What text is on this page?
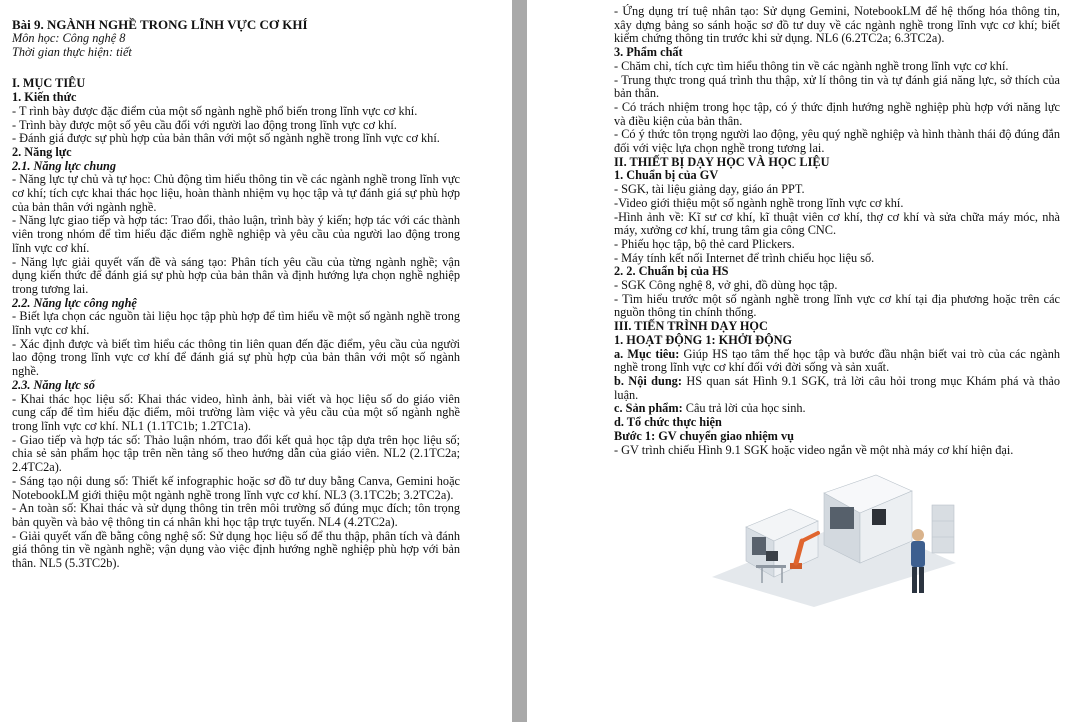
Bài 9. NGÀNH NGHỀ TRONG LĨNH VỰC CƠ KHÍ

Môn học: Công nghệ 8

Thời gian thực hiện: tiết

I. MỤC TIÊU

1. Kiến thức

- T rình bày được đặc điểm của một số ngành nghề phổ biến trong lĩnh vực cơ khí.

- Trình bày được một số yêu cầu đối với người lao động trong lĩnh vực cơ khí.

- Đánh giá được sự phù hợp của bản thân với một số ngành nghề trong lĩnh vực cơ khí.

2. Năng lực

2.1. Năng lực chung

- Năng lực tự chủ và tự học: Chủ động tìm hiểu thông tin về các ngành nghề trong lĩnh vực cơ khí; tích cực khai thác học liệu, hoàn thành nhiệm vụ học tập và tự đánh giá sự phù hợp của bản thân với ngành nghề.

- Năng lực giao tiếp và hợp tác: Trao đổi, thảo luận, trình bày ý kiến; hợp tác với các thành viên trong nhóm để tìm hiểu đặc điểm nghề nghiệp và yêu cầu của người lao động trong lĩnh vực cơ khí.

- Năng lực giải quyết vấn đề và sáng tạo: Phân tích yêu cầu của từng ngành nghề; vận dụng kiến thức để đánh giá sự phù hợp của bản thân và định hướng lựa chọn nghề nghiệp trong tương lai.

2.2. Năng lực công nghệ

- Biết lựa chọn các nguồn tài liệu học tập phù hợp để tìm hiểu về một số ngành nghề trong lĩnh vực cơ khí.

- Xác định được và biết tìm hiểu các thông tin liên quan đến đặc điểm, yêu cầu của người lao động trong lĩnh vực cơ khí để đánh giá sự phù hợp của bản thân với một số ngành nghề.

2.3. Năng lực số

- Khai thác học liệu số: Khai thác video, hình ảnh, bài viết và học liệu số do giáo viên cung cấp để tìm hiểu đặc điểm, môi trường làm việc và yêu cầu của một số ngành nghề trong lĩnh vực cơ khí. NL1 (1.1TC1b; 1.2TC1a).

- Giao tiếp và hợp tác số: Thảo luận nhóm, trao đổi kết quả học tập dựa trên học liệu số; chia sẻ sản phẩm học tập trên nền tảng số theo hướng dẫn của giáo viên. NL2 (2.1TC2a; 2.4TC2a).

- Sáng tạo nội dung số: Thiết kế infographic hoặc sơ đồ tư duy bằng Canva, Gemini hoặc NotebookLM giới thiệu một ngành nghề trong lĩnh vực cơ khí. NL3 (3.1TC2b; 3.2TC2a).

- An toàn số: Khai thác và sử dụng thông tin trên môi trường số đúng mục đích; tôn trọng bản quyền và bảo vệ thông tin cá nhân khi học tập trực tuyến. NL4 (4.2TC2a).

- Giải quyết vấn đề bằng công nghệ số: Sử dụng học liệu số để thu thập, phân tích và đánh giá thông tin về ngành nghề; vận dụng vào việc định hướng nghề nghiệp phù hợp với bản thân. NL5 (5.3TC2b).

- Ứng dụng trí tuệ nhân tạo: Sử dụng Gemini, NotebookLM để hệ thống hóa thông tin, xây dựng bảng so sánh hoặc sơ đồ tư duy về các ngành nghề trong lĩnh vực cơ khí; biết kiểm chứng thông tin trước khi sử dụng. NL6 (6.2TC2a; 6.3TC2a).

3. Phẩm chất

- Chăm chỉ, tích cực tìm hiểu thông tin về các ngành nghề trong lĩnh vực cơ khí.

- Trung thực trong quá trình thu thập, xử lí thông tin và tự đánh giá năng lực, sở thích của bản thân.

- Có trách nhiệm trong học tập, có ý thức định hướng nghề nghiệp phù hợp với năng lực và điều kiện của bản thân.

- Có ý thức tôn trọng người lao động, yêu quý nghề nghiệp và hình thành thái độ đúng đắn đối với việc lựa chọn nghề trong tương lai.

II. THIẾT BỊ DẠY HỌC VÀ HỌC LIỆU

1. Chuẩn bị của GV

- SGK, tài liệu giảng dạy, giáo án PPT.

-Video giới thiệu một số ngành nghề trong lĩnh vực cơ khí.

-Hình ảnh về: Kĩ sư cơ khí, kĩ thuật viên cơ khí, thợ cơ khí và sửa chữa máy móc, nhà máy, xưởng cơ khí, trung tâm gia công CNC.

- Phiếu học tập, bộ thẻ card Plickers.

- Máy tính kết nối Internet để trình chiếu học liệu số.

2. 2. Chuẩn bị của HS

- SGK Công nghệ 8, vở ghi, đồ dùng học tập.

- Tìm hiểu trước một số ngành nghề trong lĩnh vực cơ khí tại địa phương hoặc trên các nguồn thông tin chính thống.

III. TIẾN TRÌNH DẠY HỌC

1. HOẠT ĐỘNG 1: KHỞI ĐỘNG

a. Mục tiêu: Giúp HS tạo tâm thế học tập và bước đầu nhận biết vai trò của các ngành nghề trong lĩnh vực cơ khí đối với đời sống và sản xuất.

b. Nội dung: HS quan sát Hình 9.1 SGK, trả lời câu hỏi trong mục Khám phá và thảo luận.

c. Sản phẩm: Câu trả lời của học sinh.

d. Tổ chức thực hiện

Bước 1: GV chuyển giao nhiệm vụ

- GV trình chiếu Hình 9.1 SGK hoặc video ngắn về một nhà máy cơ khí hiện đại.
